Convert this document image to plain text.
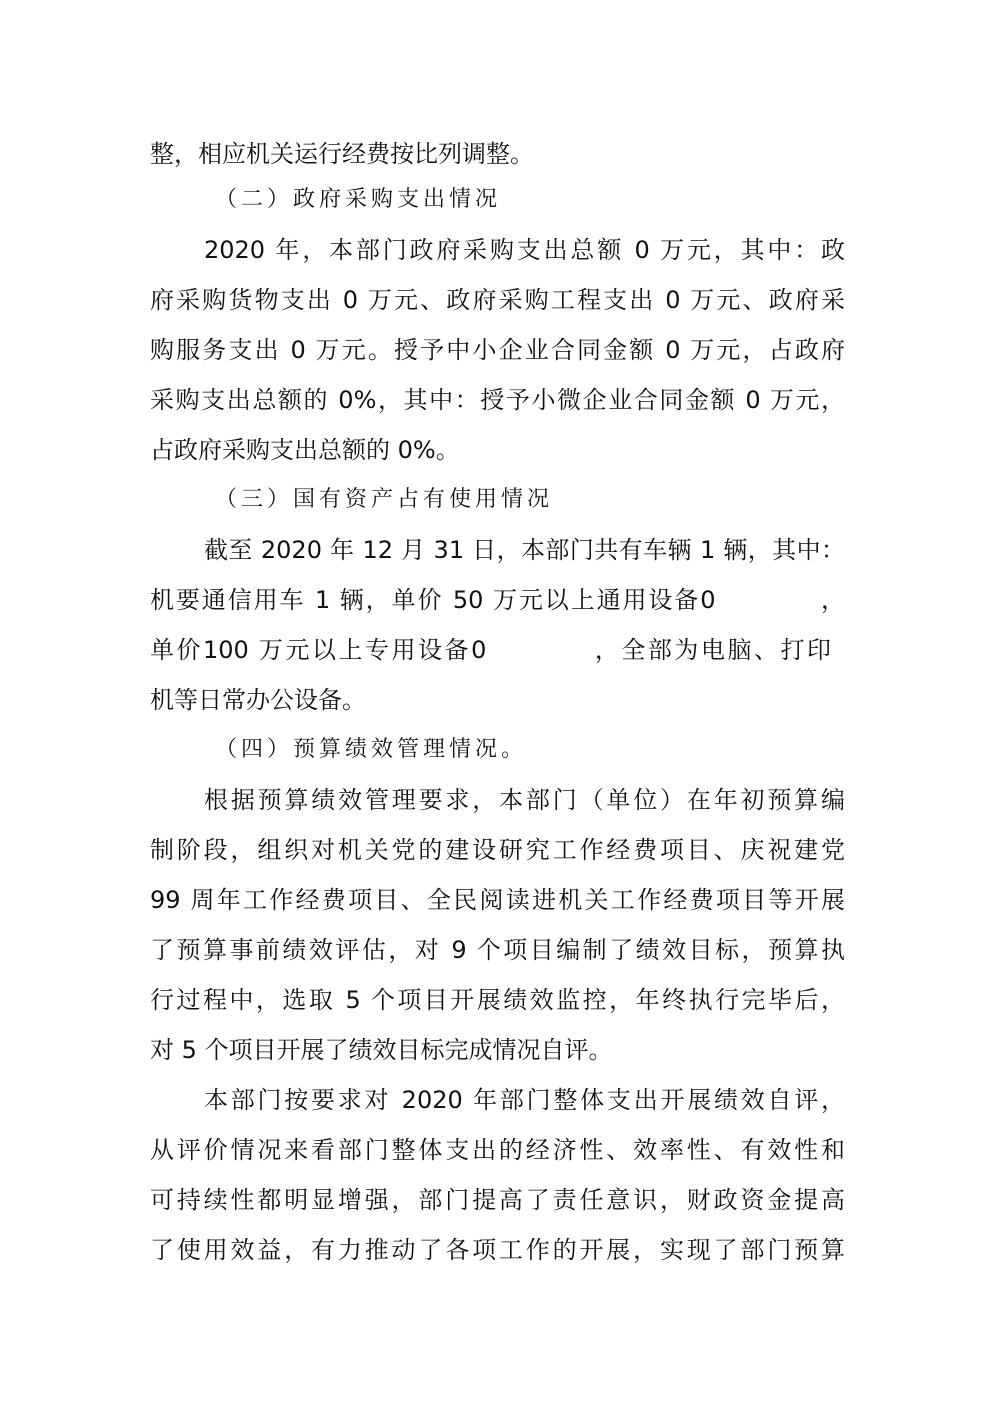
整，相应机关运行经费按比列调整。
（二）政府采购支出情况
2020 年，本部门政府采购支出总额 0 万元，其中：政
府采购货物支出 0 万元、政府采购工程支出 0 万元、政府采
购服务支出 0 万元。授予中小企业合同金额 0 万元，占政府
采购支出总额的 0%，其中：授予小微企业合同金额 0 万元，
占政府采购支出总额的 0%。
（三）国有资产占有使用情况
截至 2020 年 12 月 31 日，本部门共有车辆 1 辆，其中：
机要通信用车 1 辆，单价 50 万元以上通用设备0　　　　，
单价100 万元以上专用设备0　　　　，全部为电脑、打印
机等日常办公设备。
（四）预算绩效管理情况。
根据预算绩效管理要求，本部门（单位）在年初预算编
制阶段，组织对机关党的建设研究工作经费项目、庆祝建党
99 周年工作经费项目、全民阅读进机关工作经费项目等开展
了预算事前绩效评估，对 9 个项目编制了绩效目标，预算执
行过程中，选取 5 个项目开展绩效监控，年终执行完毕后，
对 5 个项目开展了绩效目标完成情况自评。
本部门按要求对 2020 年部门整体支出开展绩效自评，
从评价情况来看部门整体支出的经济性、效率性、有效性和
可持续性都明显增强，部门提高了责任意识，财政资金提高
了使用效益，有力推动了各项工作的开展，实现了部门预算
